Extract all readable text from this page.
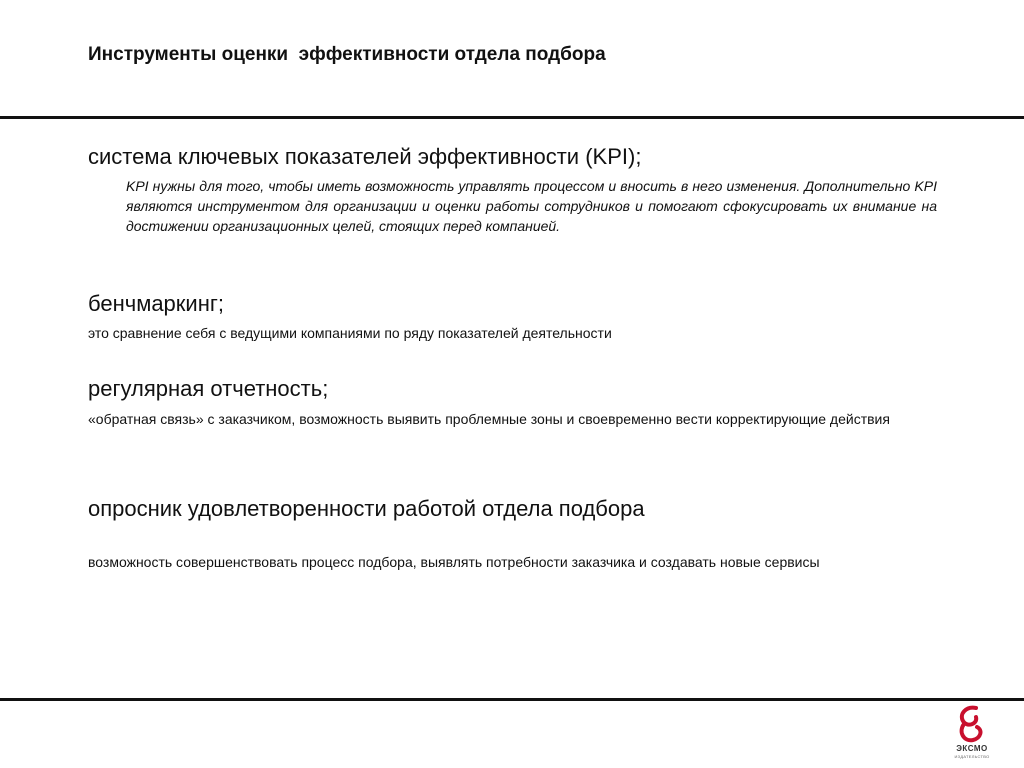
Инструменты оценки  эффективности отдела подбора
система ключевых показателей эффективности (KPI);
KPI нужны для того, чтобы иметь возможность управлять процессом и вносить в него изменения. Дополнительно KPI являются инструментом для организации и оценки работы сотрудников и помогают сфокусировать их внимание на достижении организационных целей, стоящих перед компанией.
бенчмаркинг;
это сравнение себя с ведущими компаниями по ряду показателей деятельности
регулярная отчетность;
«обратная связь» с заказчиком, возможность выявить проблемные зоны и своевременно вести корректирующие действия
опросник удовлетворенности работой отдела подбора
возможность совершенствовать процесс подбора, выявлять потребности заказчика и создавать новые сервисы
ЭКСМО
ИЗДАТЕЛЬСТВО
